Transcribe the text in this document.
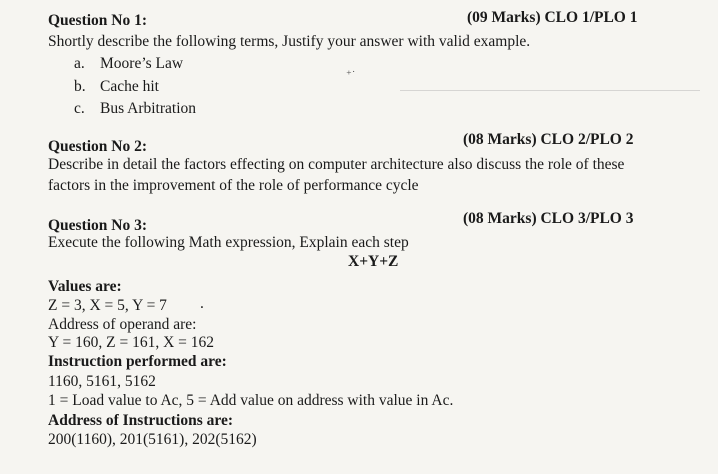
Question No 1:	(09 Marks) CLO 1/PLO 1
Shortly describe the following terms, Justify your answer with valid example.
a. Moore’s Law
b. Cache hit
c. Bus Arbitration
⁺˙
Question No 2:	(08 Marks) CLO 2/PLO 2
Describe in detail the factors effecting on computer architecture also discuss the role of these
factors in the improvement of the role of performance cycle
Question No 3:	(08 Marks) CLO 3/PLO 3
Execute the following Math expression, Explain each step
X+Y+Z
Values are:
Z = 3, X = 5, Y = 7 .
Address of operand are:
Y = 160, Z = 161, X = 162
Instruction performed are:
1160, 5161, 5162
1 = Load value to Ac, 5 = Add value on address with value in Ac.
Address of Instructions are:
200(1160), 201(5161), 202(5162)
